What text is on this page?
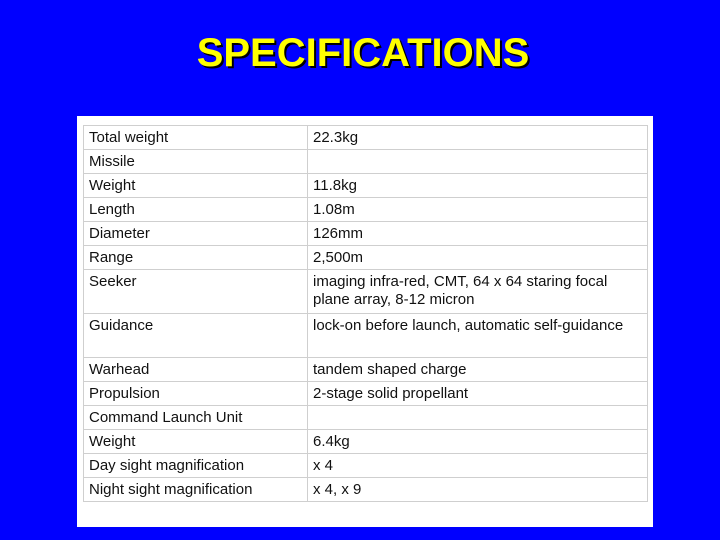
SPECIFICATIONS
Total weight	22.3kg
Missile	
Weight	11.8kg
Length	1.08m
Diameter	126mm
Range	2,500m
Seeker	imaging infra-red, CMT, 64 x 64 staring focal plane array, 8-12 micron
Guidance	lock-on before launch, automatic self-guidance
Warhead	tandem shaped charge
Propulsion	2-stage solid propellant
Command Launch Unit	
Weight	6.4kg
Day sight magnification	x 4
Night sight magnification	x 4, x 9
